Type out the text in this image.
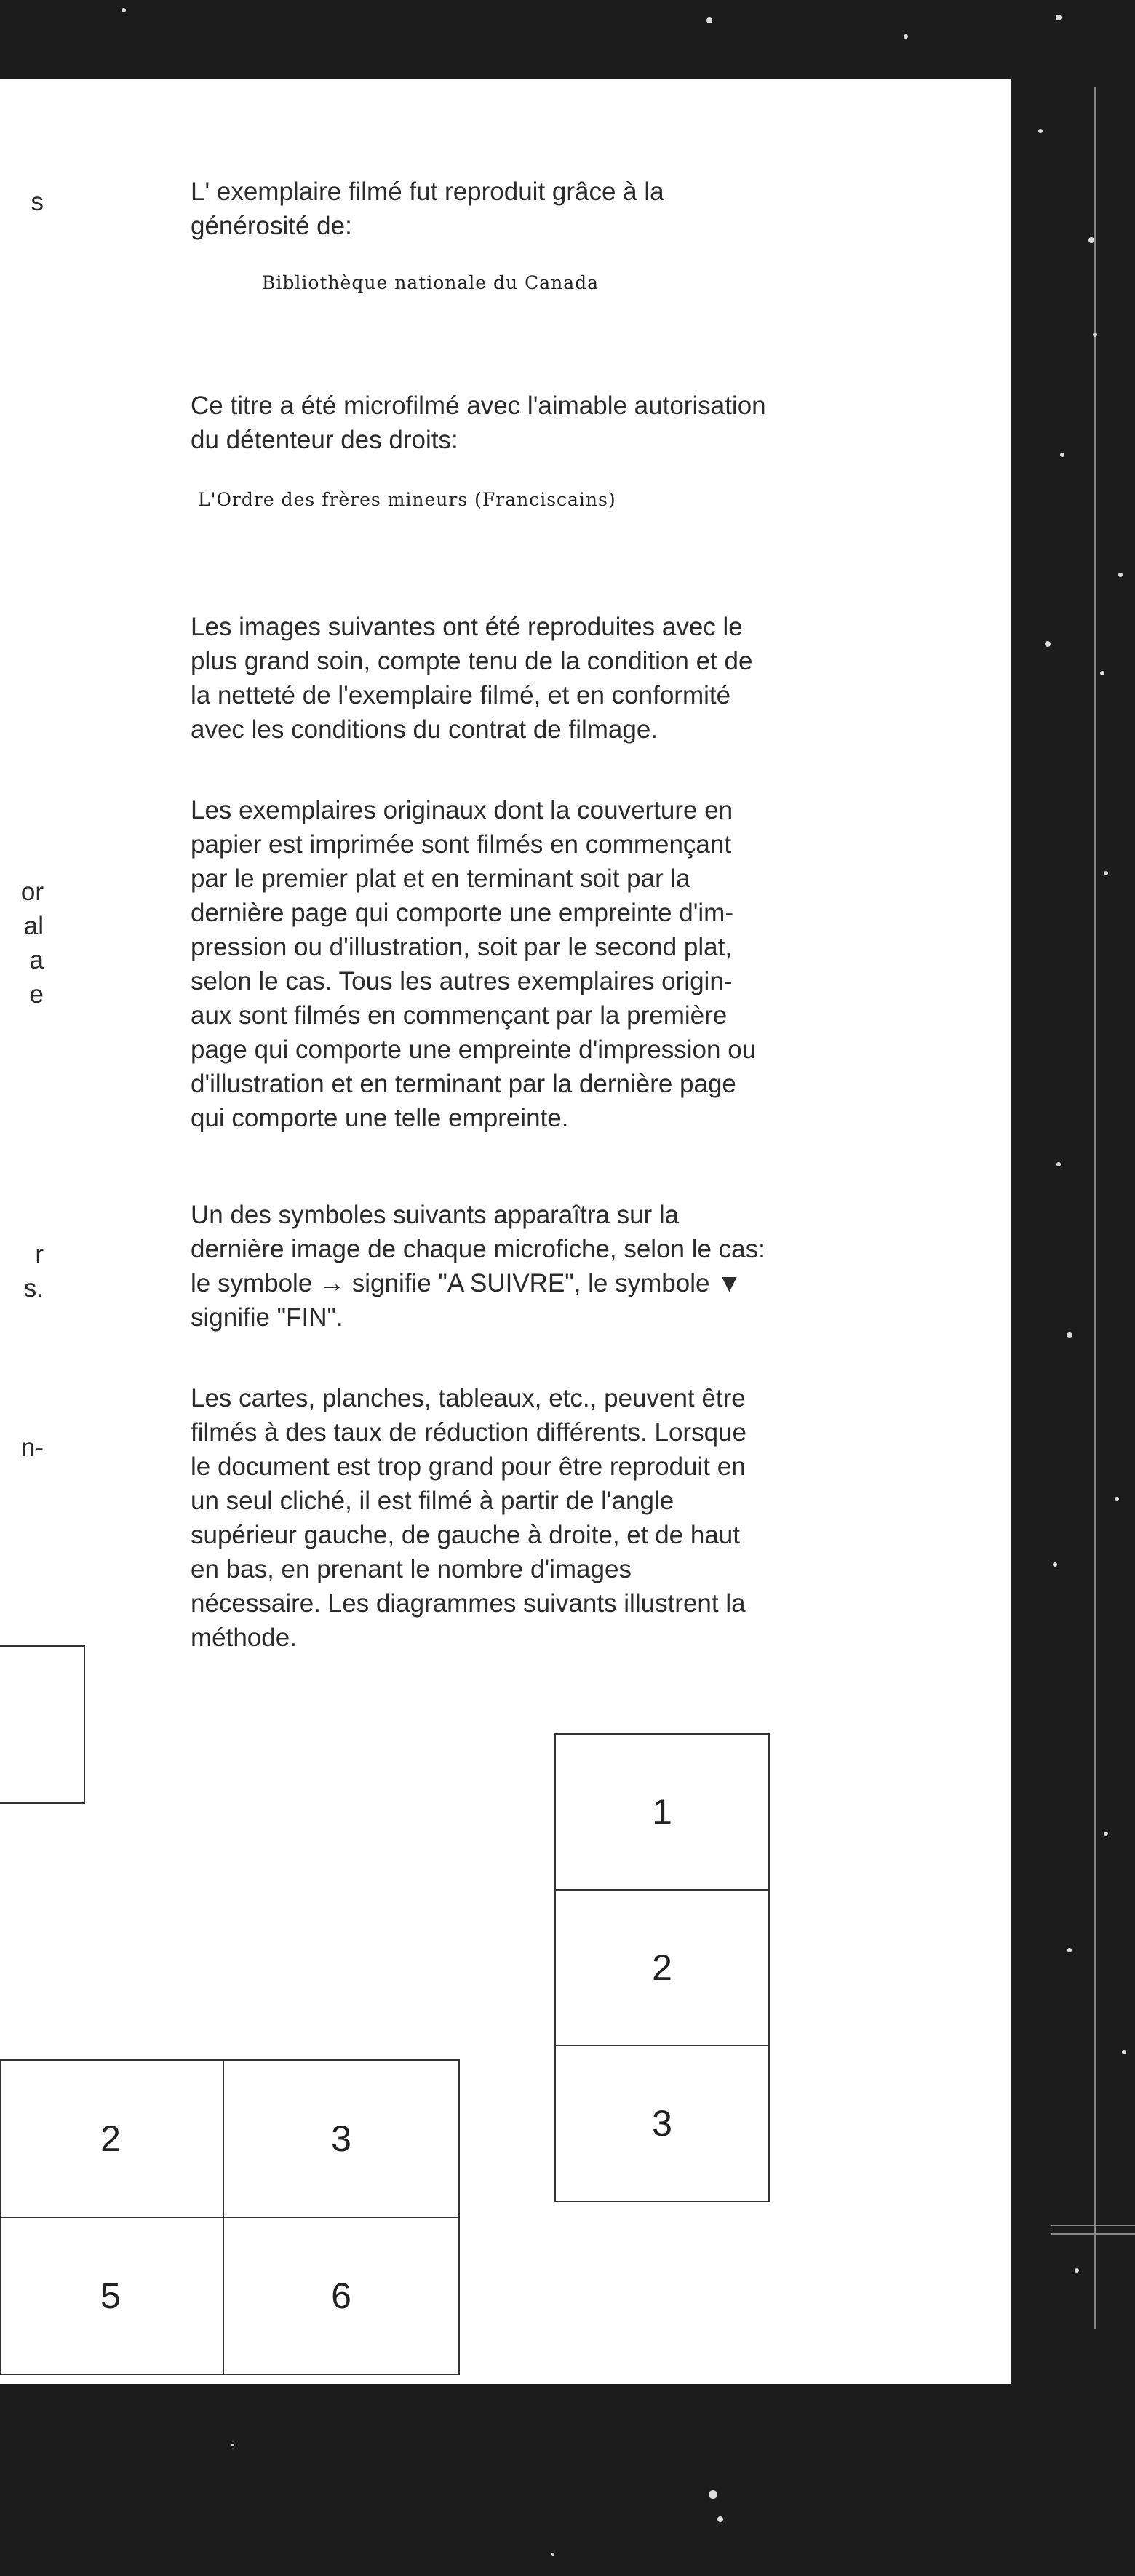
s
or
al
a
e
r
s.
n-

L' exemplaire filmé fut reproduit grâce à la
générosité de:

Bibliothèque nationale du Canada

Ce titre a été microfilmé avec l'aimable autorisation
du détenteur des droits:

L'Ordre des frères mineurs (Franciscains)

Les images suivantes ont été reproduites avec le
plus grand soin, compte tenu de la condition et de
la netteté de l'exemplaire filmé, et en conformité
avec les conditions du contrat de filmage.

Les exemplaires originaux dont la couverture en
papier est imprimée sont filmés en commençant
par le premier plat et en terminant soit par la
dernière page qui comporte une empreinte d'im-
pression ou d'illustration, soit par le second plat,
selon le cas. Tous les autres exemplaires origin-
aux sont filmés en commençant par la première
page qui comporte une empreinte d'impression ou
d'illustration et en terminant par la dernière page
qui comporte une telle empreinte.

Un des symboles suivants apparaîtra sur la
dernière image de chaque microfiche, selon le cas:
le symbole → signifie "A SUIVRE", le symbole ▼
signifie "FIN".

Les cartes, planches, tableaux, etc., peuvent être
filmés à des taux de réduction différents. Lorsque
le document est trop grand pour être reproduit en
un seul cliché, il est filmé à partir de l'angle
supérieur gauche, de gauche à droite, et de haut
en bas, en prenant le nombre d'images
nécessaire. Les diagrammes suivants illustrent la
méthode.

1
2
3
2	3
5	6
